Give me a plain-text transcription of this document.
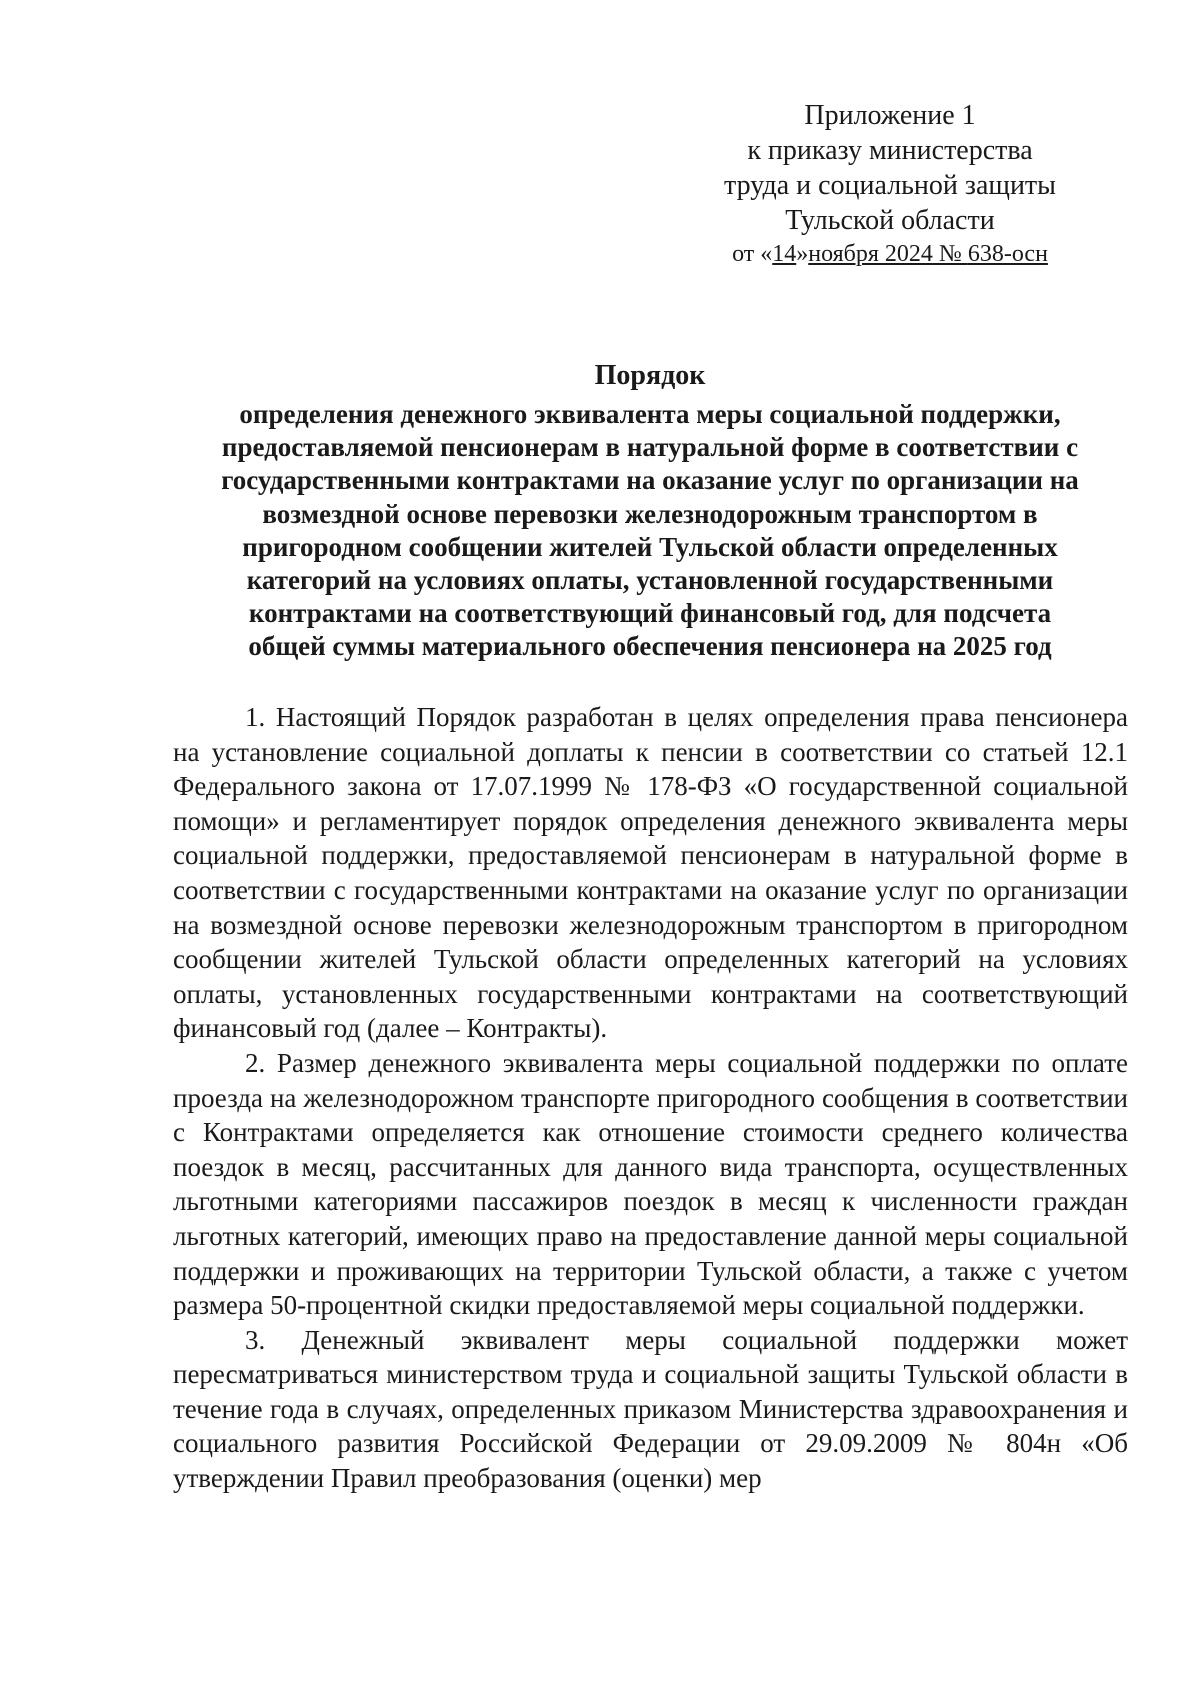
Приложение 1
к приказу министерства
труда и социальной защиты
Тульской области
от «14»ноября 2024 № 638-осн
Порядок
определения денежного эквивалента меры социальной поддержки,
предоставляемой пенсионерам в натуральной форме в соответствии с
государственными контрактами на оказание услуг по организации на
возмездной основе перевозки железнодорожным транспортом в
пригородном сообщении жителей Тульской области определенных
категорий на условиях оплаты, установленной государственными
контрактами на соответствующий финансовый год, для подсчета
общей суммы материального обеспечения пенсионера на 2025 год

1. Настоящий Порядок разработан в целях определения права пенсионера на установление социальной доплаты к пенсии в соответствии со статьей 12.1 Федерального закона от 17.07.1999 № 178-ФЗ «О государственной социальной помощи» и регламентирует порядок определения денежного эквивалента меры социальной поддержки, предоставляемой пенсионерам в натуральной форме в соответствии с государственными контрактами на оказание услуг по организации на возмездной основе перевозки железнодорожным транспортом в пригородном сообщении жителей Тульской области определенных категорий на условиях оплаты, установленных государственными контрактами на соответствующий финансовый год (далее – Контракты).

2. Размер денежного эквивалента меры социальной поддержки по оплате проезда на железнодорожном транспорте пригородного сообщения в соответствии с Контрактами определяется как отношение стоимости среднего количества поездок в месяц, рассчитанных для данного вида транспорта, осуществленных льготными категориями пассажиров поездок в месяц к численности граждан льготных категорий, имеющих право на предоставление данной меры социальной поддержки и проживающих на территории Тульской области, а также с учетом размера 50-процентной скидки предоставляемой меры социальной поддержки.

3. Денежный эквивалент меры социальной поддержки может пересматриваться министерством труда и социальной защиты Тульской области в течение года в случаях, определенных приказом Министерства здравоохранения и социального развития Российской Федерации от 29.09.2009 № 804н «Об утверждении Правил преобразования (оценки) мер
